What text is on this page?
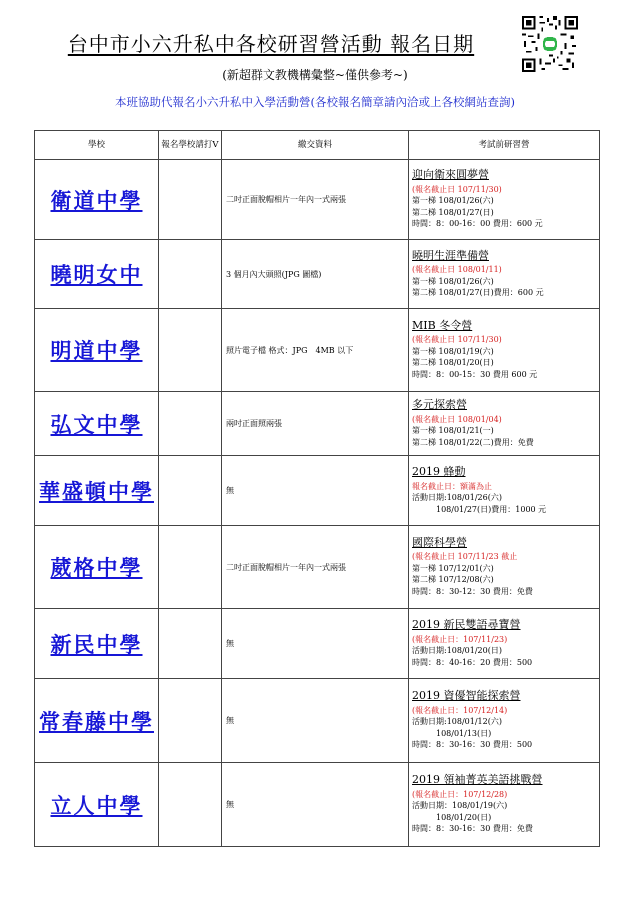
台中市小六升私中各校研習營活動 報名日期
(新超群文教機構彙整~僅供參考~)
本班協助代報名小六升私中入學活動營(各校報名簡章請內洽或上各校網站查詢)
學校	報名學校請打V	繳交資料	考試前研習營
衛道中學		二吋正面脫帽相片一年內一式兩張	迎向衛來圓夢營
(報名截止日 107/11/30)
第一梯 108/01/26(六)
第二梯 108/01/27(日)
時間：8：00-16：00 費用：600 元

曉明女中		3 個月內大頭照(JPG 圖檔)	曉明生涯準備營
(報名截止日 108/01/11)
第一梯 108/01/26(六)
第二梯 108/01/27(日)費用：600 元

明道中學		照片電子檔 格式：JPG　4MB 以下	MIB 冬令營
(報名截止日 107/11/30)
第一梯 108/01/19(六)
第二梯 108/01/20(日)
時間：8：00-15：30 費用 600 元

弘文中學		兩吋正面照兩張	多元探索營
(報名截止日 108/01/04)
第一梯 108/01/21(一)
第二梯 108/01/22(二)費用：免費

華盛頓中學		無	2019 蜂動
報名截止日：額滿為止
活動日期:108/01/26(六)
　　　108/01/27(日)費用：1000 元

葳格中學		二吋正面脫帽相片一年內一式兩張	國際科學營
(報名截止日 107/11/23 截止
第一梯 107/12/01(六)
第二梯 107/12/08(六)
時間：8：30-12：30 費用：免費

新民中學		無	2019 新民雙語尋寶營
(報名截止日：107/11/23)
活動日期:108/01/20(日)
時間：8：40-16：20 費用：500

常春藤中學		無	2019 資優智能探索營
(報名截止日：107/12/14)
活動日期:108/01/12(六)
　　　108/01/13(日)
時間：8：30-16：30 費用：500

立人中學		無	2019 領袖菁英美語挑戰營
(報名截止日：107/12/28)
活動日期：108/01/19(六)
　　　108/01/20(日)
時間：8：30-16：30 費用：免費
